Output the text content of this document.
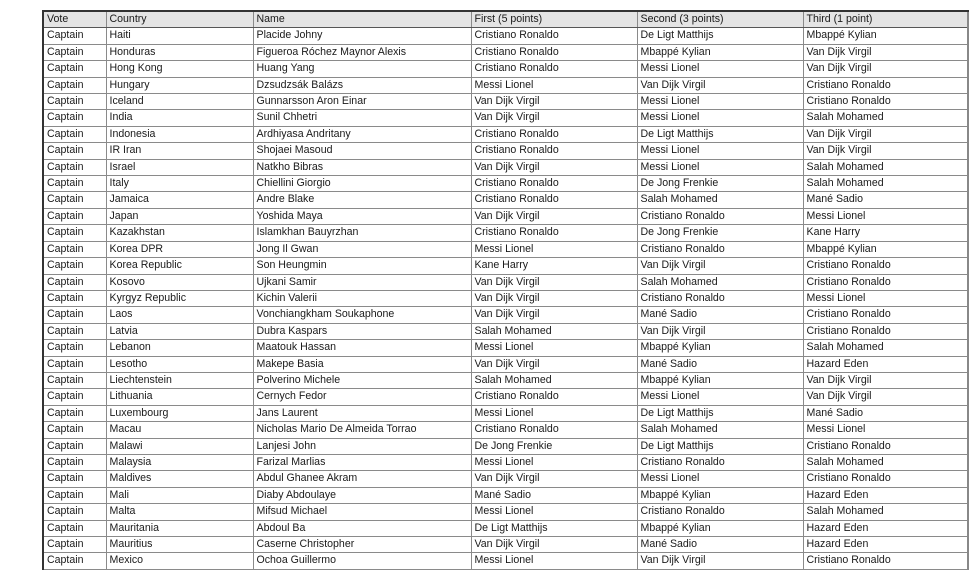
Vote	Country	Name	First (5 points)	Second (3 points)	Third (1 point)
Captain	Haiti	Placide Johny	Cristiano Ronaldo	De Ligt Matthijs	Mbappé Kylian
Captain	Honduras	Figueroa Róchez Maynor Alexis	Cristiano Ronaldo	Mbappé Kylian	Van Dijk Virgil
Captain	Hong Kong	Huang Yang	Cristiano Ronaldo	Messi Lionel	Van Dijk Virgil
Captain	Hungary	Dzsudzsák Balázs	Messi Lionel	Van Dijk Virgil	Cristiano Ronaldo
Captain	Iceland	Gunnarsson Aron Einar	Van Dijk Virgil	Messi Lionel	Cristiano Ronaldo
Captain	India	Sunil Chhetri	Van Dijk Virgil	Messi Lionel	Salah Mohamed
Captain	Indonesia	Ardhiyasa Andritany	Cristiano Ronaldo	De Ligt Matthijs	Van Dijk Virgil
Captain	IR Iran	Shojaei Masoud	Cristiano Ronaldo	Messi Lionel	Van Dijk Virgil
Captain	Israel	Natkho Bibras	Van Dijk Virgil	Messi Lionel	Salah Mohamed
Captain	Italy	Chiellini Giorgio	Cristiano Ronaldo	De Jong Frenkie	Salah Mohamed
Captain	Jamaica	Andre Blake	Cristiano Ronaldo	Salah Mohamed	Mané Sadio
Captain	Japan	Yoshida Maya	Van Dijk Virgil	Cristiano Ronaldo	Messi Lionel
Captain	Kazakhstan	Islamkhan Bauyrzhan	Cristiano Ronaldo	De Jong Frenkie	Kane Harry
Captain	Korea DPR	Jong Il Gwan	Messi Lionel	Cristiano Ronaldo	Mbappé Kylian
Captain	Korea Republic	Son Heungmin	Kane Harry	Van Dijk Virgil	Cristiano Ronaldo
Captain	Kosovo	Ujkani Samir	Van Dijk Virgil	Salah Mohamed	Cristiano Ronaldo
Captain	Kyrgyz Republic	Kichin Valerii	Van Dijk Virgil	Cristiano Ronaldo	Messi Lionel
Captain	Laos	Vonchiangkham Soukaphone	Van Dijk Virgil	Mané Sadio	Cristiano Ronaldo
Captain	Latvia	Dubra Kaspars	Salah Mohamed	Van Dijk Virgil	Cristiano Ronaldo
Captain	Lebanon	Maatouk Hassan	Messi Lionel	Mbappé Kylian	Salah Mohamed
Captain	Lesotho	Makepe Basia	Van Dijk Virgil	Mané Sadio	Hazard Eden
Captain	Liechtenstein	Polverino Michele	Salah Mohamed	Mbappé Kylian	Van Dijk Virgil
Captain	Lithuania	Cernych Fedor	Cristiano Ronaldo	Messi Lionel	Van Dijk Virgil
Captain	Luxembourg	Jans Laurent	Messi Lionel	De Ligt Matthijs	Mané Sadio
Captain	Macau	Nicholas Mario De Almeida Torrao	Cristiano Ronaldo	Salah Mohamed	Messi Lionel
Captain	Malawi	Lanjesi John	De Jong Frenkie	De Ligt Matthijs	Cristiano Ronaldo
Captain	Malaysia	Farizal Marlias	Messi Lionel	Cristiano Ronaldo	Salah Mohamed
Captain	Maldives	Abdul Ghanee Akram	Van Dijk Virgil	Messi Lionel	Cristiano Ronaldo
Captain	Mali	Diaby Abdoulaye	Mané Sadio	Mbappé Kylian	Hazard Eden
Captain	Malta	Mifsud Michael	Messi Lionel	Cristiano Ronaldo	Salah Mohamed
Captain	Mauritania	Abdoul Ba	De Ligt Matthijs	Mbappé Kylian	Hazard Eden
Captain	Mauritius	Caserne Christopher	Van Dijk Virgil	Mané Sadio	Hazard Eden
Captain	Mexico	Ochoa Guillermo	Messi Lionel	Van Dijk Virgil	Cristiano Ronaldo
